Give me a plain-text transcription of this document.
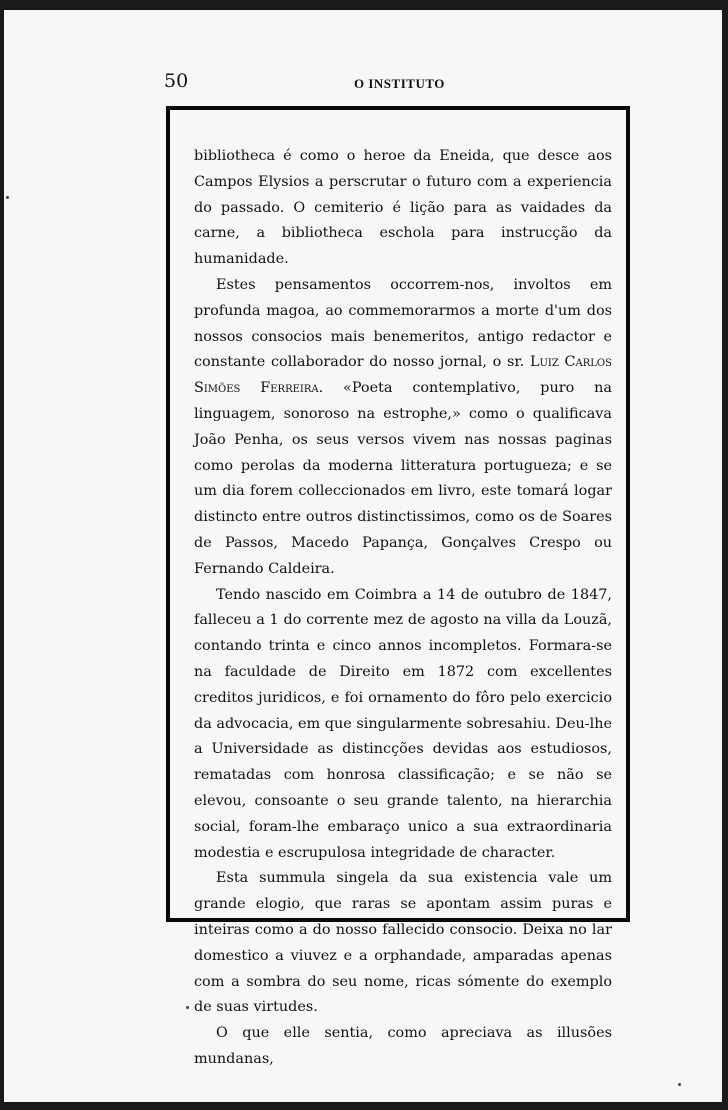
50	O INSTITUTO

bibliotheca é como o heroe da Eneida, que desce aos Campos Elysios a perscrutar o futuro com a experiencia do passado. O cemiterio é lição para as vaidades da carne, a bibliotheca eschola para instrucção da humanidade.

Estes pensamentos occorrem-nos, involtos em profunda magoa, ao commemorarmos a morte d'um dos nossos consocios mais benemeritos, antigo redactor e constante collaborador do nosso jornal, o sr. Luiz Carlos Simões Ferreira. «Poeta contemplativo, puro na linguagem, sonoroso na estrophe,» como o qualificava João Penha, os seus versos vivem nas nossas paginas como perolas da moderna litteratura portugueza; e se um dia forem colleccionados em livro, este tomará logar distincto entre outros distinctissimos, como os de Soares de Passos, Macedo Papança, Gonçalves Crespo ou Fernando Caldeira.

Tendo nascido em Coimbra a 14 de outubro de 1847, falleceu a 1 do corrente mez de agosto na villa da Louzã, contando trinta e cinco annos incompletos. Formara-se na faculdade de Direito em 1872 com excellentes creditos juridicos, e foi ornamento do fôro pelo exercicio da advocacia, em que singularmente sobresahiu. Deu-lhe a Universidade as distincções devidas aos estudiosos, rematadas com honrosa classificação; e se não se elevou, consoante o seu grande talento, na hierarchia social, foram-lhe embaraço unico a sua extraordinaria modestia e escrupulosa integridade de character.

Esta summula singela da sua existencia vale um grande elogio, que raras se apontam assim puras e inteiras como a do nosso fallecido consocio. Deixa no lar domestico a viuvez e a orphandade, amparadas apenas com a sombra do seu nome, ricas sómente do exemplo de suas virtudes.

O que elle sentia, como apreciava as illusões mundanas,
